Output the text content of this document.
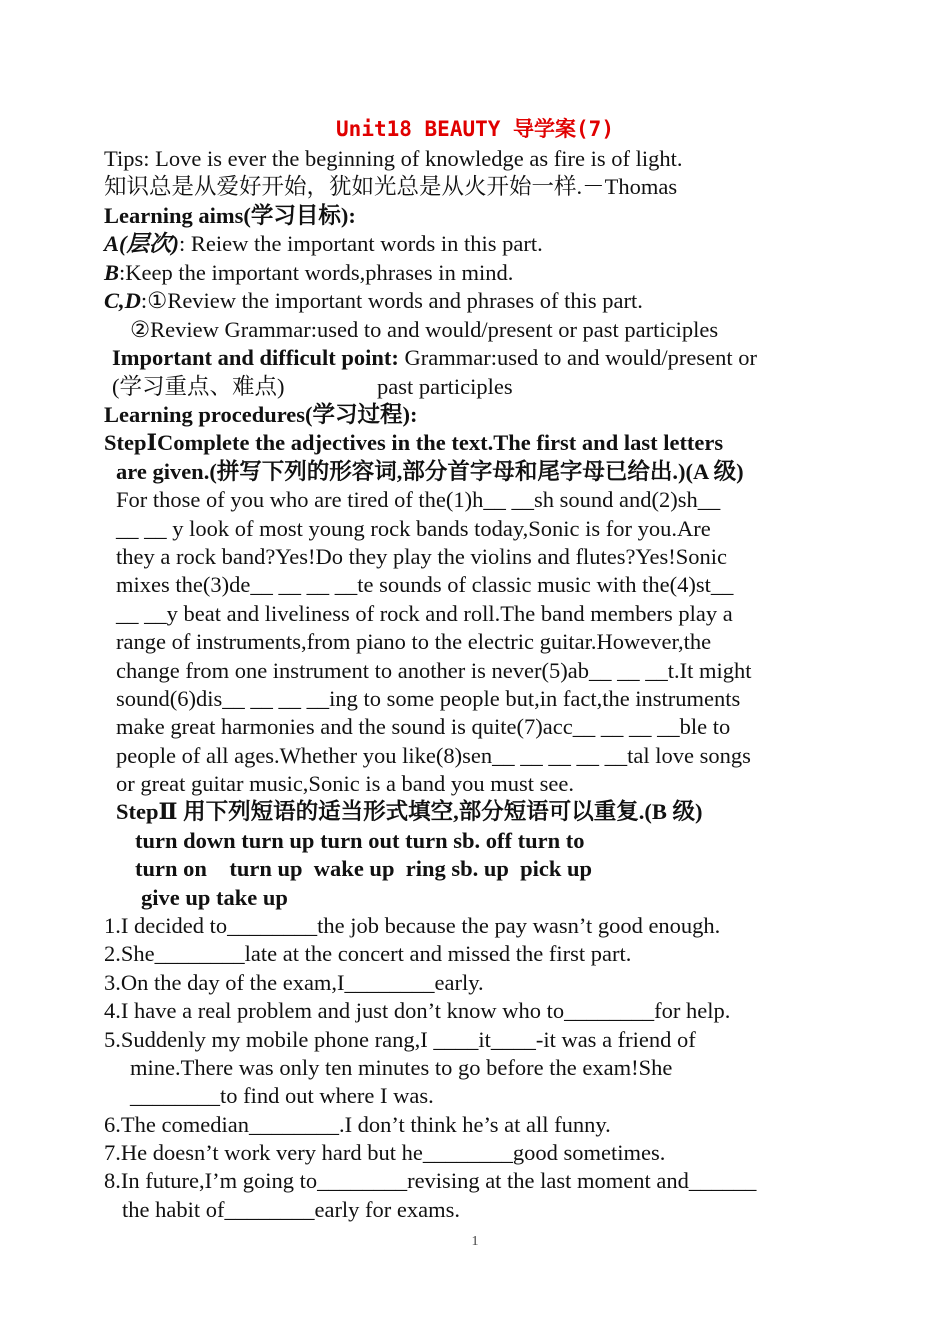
Unit18 BEAUTY 导学案(7)
Tips: Love is ever the beginning of knowledge as fire is of light.
知识总是从爱好开始，犹如光总是从火开始一样.－Thomas
Learning aims(学习目标):
A(层次): Reiew the important words in this part.
B:Keep the important words,phrases in mind.
C,D:①Review the important words and phrases of this part.
②Review Grammar:used to and would/present or past participles
Important and difficult point: Grammar:used to and would/present or
(学习重点、难点)	past participles
Learning procedures(学习过程):
StepⅠComplete the adjectives in the text.The first and last letters
are given.(拼写下列的形容词,部分首字母和尾字母已给出.)(A 级)
For those of you who are tired of the(1)h__ __sh sound and(2)sh__
__ __ y look of most young rock bands today,Sonic is for you.Are
they a rock band?Yes!Do they play the violins and flutes?Yes!Sonic
mixes the(3)de__ __ __ __te sounds of classic music with the(4)st__
__ __y beat and liveliness of rock and roll.The band members play a
range of instruments,from piano to the electric guitar.However,the
change from one instrument to another is never(5)ab__ __ __t.It might
sound(6)dis__ __ __ __ing to some people but,in fact,the instruments
make great harmonies and the sound is quite(7)acc__ __ __ __ble to
people of all ages.Whether you like(8)sen__ __ __ __ __tal love songs
or great guitar music,Sonic is a band you must see.
StepⅡ 用下列短语的适当形式填空,部分短语可以重复.(B 级)
turn down turn up turn out turn sb. off turn to
turn on    turn up  wake up  ring sb. up  pick up
give up take up
1.I decided to________the job because the pay wasn’t good enough.
2.She________late at the concert and missed the first part.
3.On the day of the exam,I________early.
4.I have a real problem and just don’t know who to________for help.
5.Suddenly my mobile phone rang,I ____it____-it was a friend of
mine.There was only ten minutes to go before the exam!She
________to find out where I was.
6.The comedian________.I don’t think he’s at all funny.
7.He doesn’t work very hard but he________good sometimes.
8.In future,I’m going to________revising at the last moment and______
the habit of________early for exams.
1
